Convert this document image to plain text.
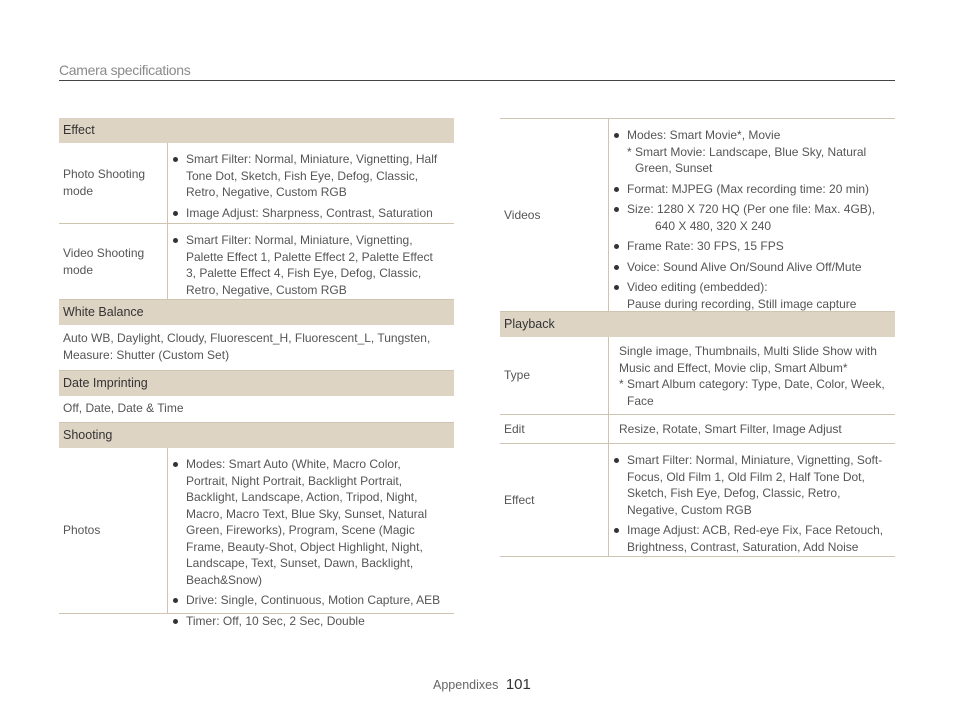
Camera specifications
Effect
Photo Shooting mode
Smart Filter: Normal, Miniature, Vignetting, Half Tone Dot, Sketch, Fish Eye, Defog, Classic, Retro, Negative, Custom RGB
Image Adjust: Sharpness, Contrast, Saturation
Video Shooting mode
Smart Filter: Normal, Miniature, Vignetting, Palette Effect 1, Palette Effect 2, Palette Effect 3, Palette Effect 4, Fish Eye, Defog, Classic, Retro, Negative, Custom RGB
White Balance
Auto WB, Daylight, Cloudy, Fluorescent_H, Fluorescent_L, Tungsten, Measure: Shutter (Custom Set)
Date Imprinting
Off, Date, Date & Time
Shooting
Photos
Modes: Smart Auto (White, Macro Color, Portrait, Night Portrait, Backlight Portrait, Backlight, Landscape, Action, Tripod, Night, Macro, Macro Text, Blue Sky, Sunset, Natural Green, Fireworks), Program, Scene (Magic Frame, Beauty-Shot, Object Highlight, Night, Landscape, Text, Sunset, Dawn, Backlight, Beach&Snow)
Drive: Single, Continuous, Motion Capture, AEB
Timer: Off, 10 Sec, 2 Sec, Double
Videos
Modes: Smart Movie*, Movie
* Smart Movie: Landscape, Blue Sky, Natural
Green, Sunset
Format: MJPEG (Max recording time: 20 min)
Size: 1280 X 720 HQ (Per one file: Max. 4GB),
640 X 480, 320 X 240
Frame Rate: 30 FPS, 15 FPS
Voice: Sound Alive On/Sound Alive Off/Mute
Video editing (embedded):
Pause during recording, Still image capture
Playback
Type
Single image, Thumbnails, Multi Slide Show with Music and Effect, Movie clip, Smart Album*
* Smart Album category: Type, Date, Color, Week,
Face
Edit	Resize, Rotate, Smart Filter, Image Adjust
Effect
Smart Filter: Normal, Miniature, Vignetting, Soft-Focus, Old Film 1, Old Film 2, Half Tone Dot, Sketch, Fish Eye, Defog, Classic, Retro, Negative, Custom RGB
Image Adjust: ACB, Red-eye Fix, Face Retouch, Brightness, Contrast, Saturation, Add Noise
Appendixes 101
